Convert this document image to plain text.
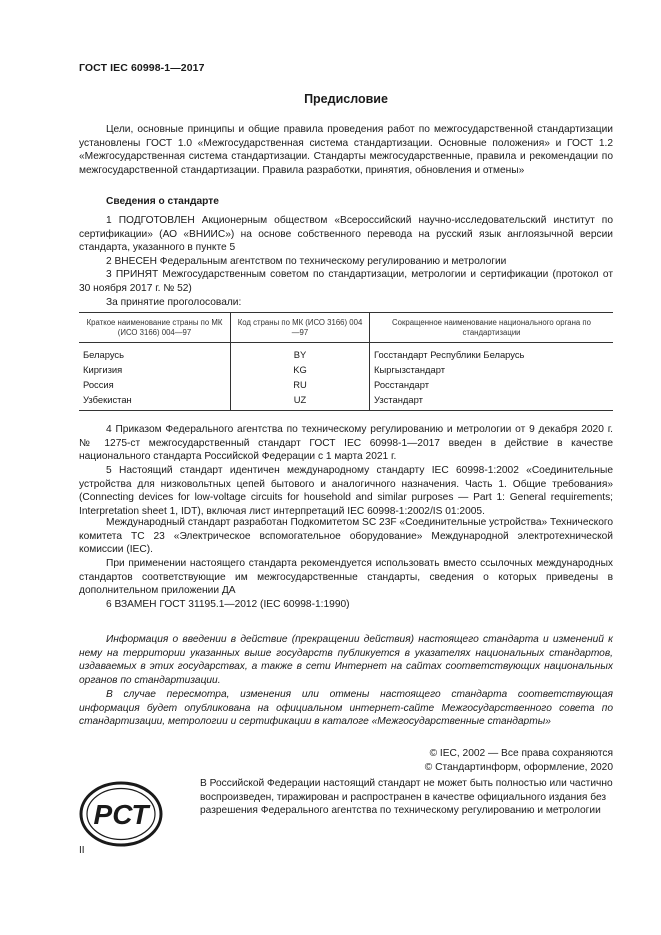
ГОСТ IEC 60998-1—2017
Предисловие
Цели, основные принципы и общие правила проведения работ по межгосударственной стандартизации установлены ГОСТ 1.0 «Межгосударственная система стандартизации. Основные положения» и ГОСТ 1.2 «Межгосударственная система стандартизации. Стандарты межгосударственные, правила и рекомендации по межгосударственной стандартизации. Правила разработки, принятия, обновления и отмены»
Сведения о стандарте
1 ПОДГОТОВЛЕН Акционерным обществом «Всероссийский научно-исследовательский институт по сертификации» (АО «ВНИИС») на основе собственного перевода на русский язык англоязычной версии стандарта, указанного в пункте 5
2 ВНЕСЕН Федеральным агентством по техническому регулированию и метрологии
3 ПРИНЯТ Межгосударственным советом по стандартизации, метрологии и сертификации (протокол от 30 ноября 2017 г. № 52)
За принятие проголосовали:
Краткое наименование страны по МК (ИСО 3166) 004—97	Код страны по МК (ИСО 3166) 004—97	Сокращенное наименование национального органа по стандартизации
Беларусь	BY	Госстандарт Республики Беларусь
Киргизия	KG	Кыргызстандарт
Россия	RU	Росстандарт
Узбекистан	UZ	Узстандарт
4 Приказом Федерального агентства по техническому регулированию и метрологии от 9 декабря 2020 г. № 1275-ст межгосударственный стандарт ГОСТ IEC 60998-1—2017 введен в действие в качестве национального стандарта Российской Федерации с 1 марта 2021 г.
5 Настоящий стандарт идентичен международному стандарту IEC 60998-1:2002 «Соединительные устройства для низковольтных цепей бытового и аналогичного назначения. Часть 1. Общие требования» (Connecting devices for low-voltage circuits for household and similar purposes — Part 1: General requirements; Interpretation sheet 1, IDT), включая лист интерпретаций IEC 60998-1:2002/IS 01:2005.
Международный стандарт разработан Подкомитетом SC 23F «Соединительные устройства» Технического комитета ТС 23 «Электрическое вспомогательное оборудование» Международной электротехнической комиссии (IEC).
При применении настоящего стандарта рекомендуется использовать вместо ссылочных международных стандартов соответствующие им межгосударственные стандарты, сведения о которых приведены в дополнительном приложении ДА
6 ВЗАМЕН ГОСТ 31195.1—2012 (IEC 60998-1:1990)
Информация о введении в действие (прекращении действия) настоящего стандарта и изменений к нему на территории указанных выше государств публикуется в указателях национальных стандартов, издаваемых в этих государствах, а также в сети Интернет на сайтах соответствующих национальных органов по стандартизации.
В случае пересмотра, изменения или отмены настоящего стандарта соответствующая информация будет опубликована на официальном интернет-сайте Межгосударственного совета по стандартизации, метрологии и сертификации в каталоге «Межгосударственные стандарты»
© IEC, 2002 — Все права сохраняются
© Стандартинформ, оформление, 2020
РСТ
В Российской Федерации настоящий стандарт не может быть полностью или частично воспроизведен, тиражирован и распространен в качестве официального издания без разрешения Федерального агентства по техническому регулированию и метрологии
II
